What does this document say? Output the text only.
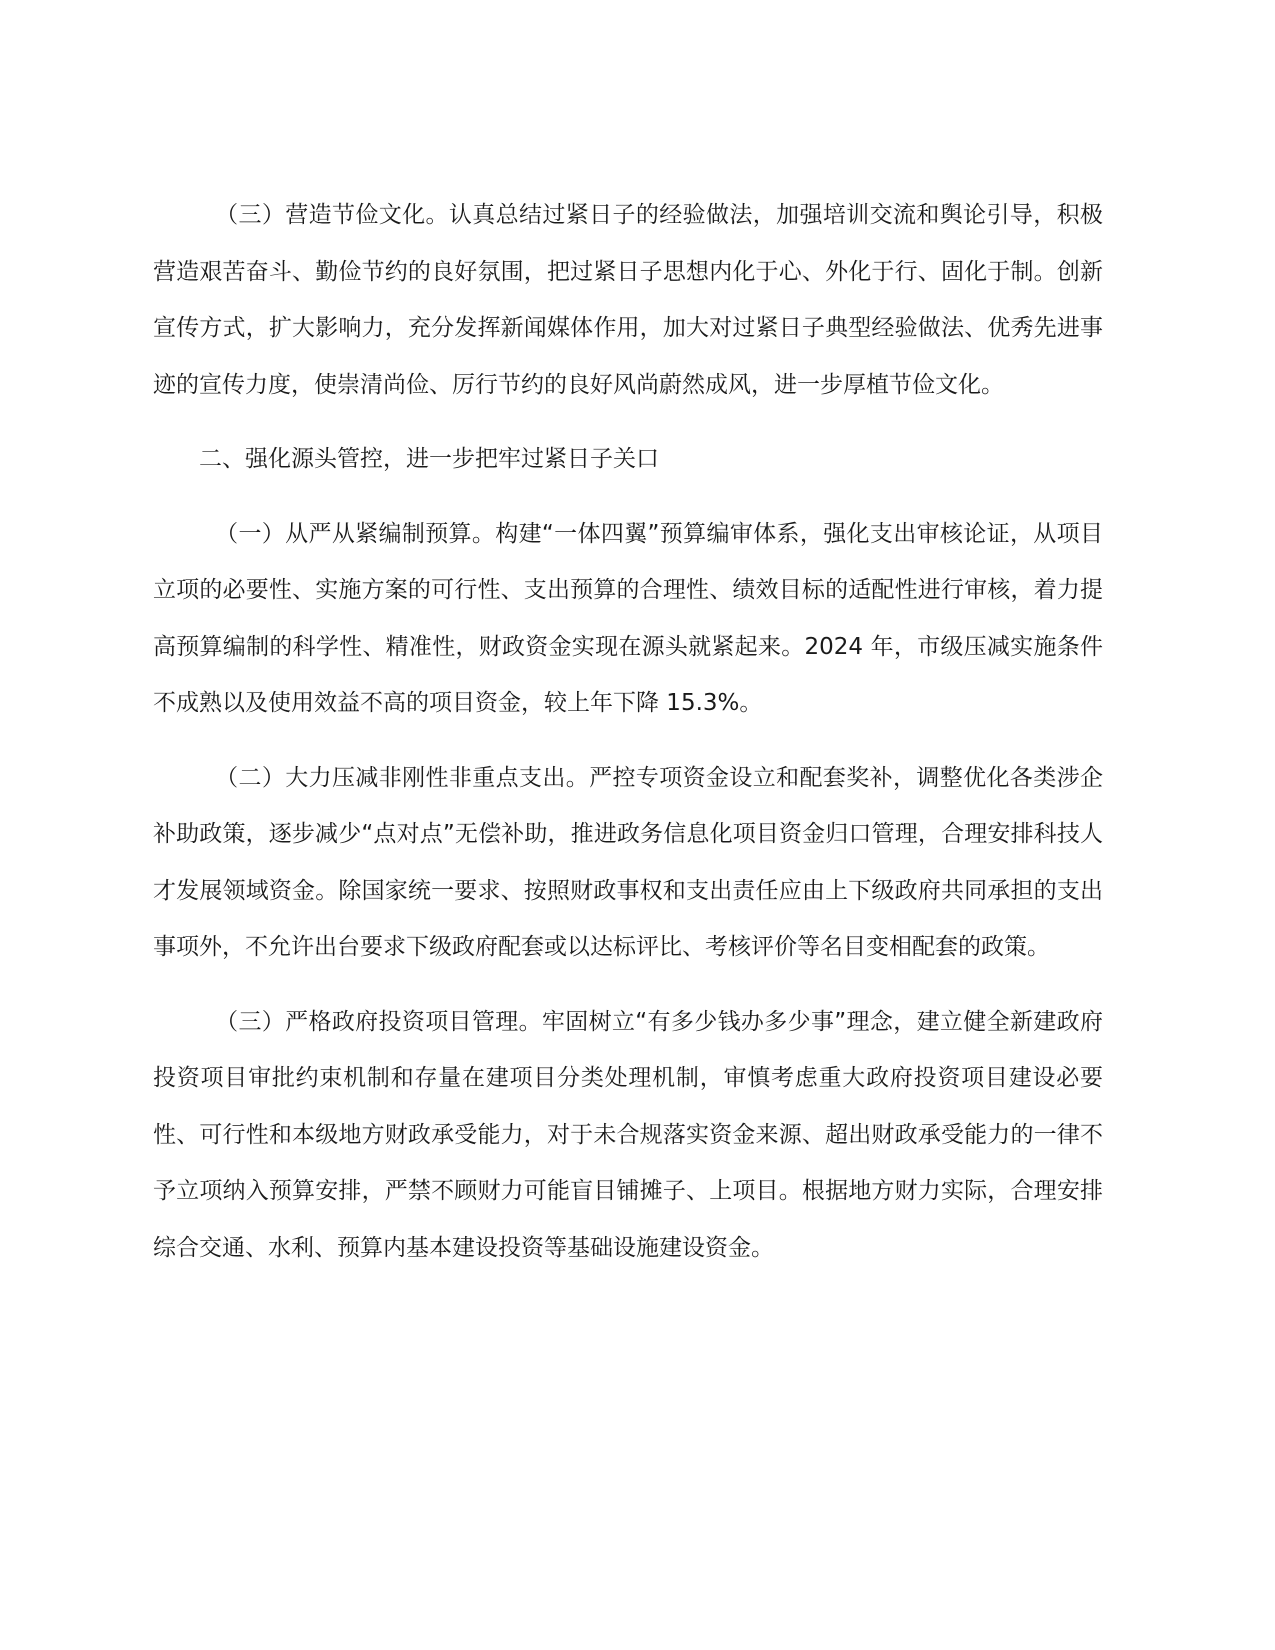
（三）营造节俭文化。认真总结过紧日子的经验做法，加强培训交流和舆论引导，积极营造艰苦奋斗、勤俭节约的良好氛围，把过紧日子思想内化于心、外化于行、固化于制。创新宣传方式，扩大影响力，充分发挥新闻媒体作用，加大对过紧日子典型经验做法、优秀先进事迹的宣传力度，使崇清尚俭、厉行节约的良好风尚蔚然成风，进一步厚植节俭文化。

二、强化源头管控，进一步把牢过紧日子关口

（一）从严从紧编制预算。构建“一体四翼”预算编审体系，强化支出审核论证，从项目立项的必要性、实施方案的可行性、支出预算的合理性、绩效目标的适配性进行审核，着力提高预算编制的科学性、精准性，财政资金实现在源头就紧起来。2024 年，市级压减实施条件不成熟以及使用效益不高的项目资金，较上年下降 15.3%。

（二）大力压减非刚性非重点支出。严控专项资金设立和配套奖补，调整优化各类涉企补助政策，逐步减少“点对点”无偿补助，推进政务信息化项目资金归口管理，合理安排科技人才发展领域资金。除国家统一要求、按照财政事权和支出责任应由上下级政府共同承担的支出事项外，不允许出台要求下级政府配套或以达标评比、考核评价等名目变相配套的政策。

（三）严格政府投资项目管理。牢固树立“有多少钱办多少事”理念，建立健全新建政府投资项目审批约束机制和存量在建项目分类处理机制，审慎考虑重大政府投资项目建设必要性、可行性和本级地方财政承受能力，对于未合规落实资金来源、超出财政承受能力的一律不予立项纳入预算安排，严禁不顾财力可能盲目铺摊子、上项目。根据地方财力实际，合理安排综合交通、水利、预算内基本建设投资等基础设施建设资金。
